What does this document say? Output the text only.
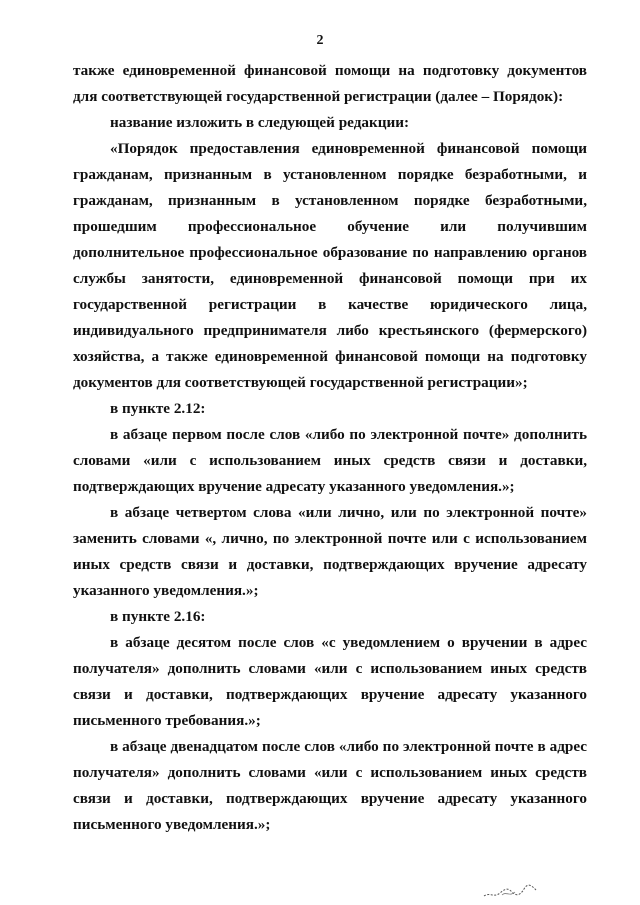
2

также единовременной финансовой помощи на подготовку документов для соответствующей государственной регистрации (далее – Порядок):

название изложить в следующей редакции:

«Порядок предоставления единовременной финансовой помощи гражданам, признанным в установленном порядке безработными, и гражданам, признанным в установленном порядке безработными, прошедшим профессиональное обучение или получившим дополнительное профессиональное образование по направлению органов службы занятости, единовременной финансовой помощи при их государственной регистрации в качестве юридического лица, индивидуального предпринимателя либо крестьянского (фермерского) хозяйства, а также единовременной финансовой помощи на подготовку документов для соответствующей государственной регистрации»;

в пункте 2.12:

в абзаце первом после слов «либо по электронной почте» дополнить словами «или с использованием иных средств связи и доставки, подтверждающих вручение адресату указанного уведомления.»;

в абзаце четвертом слова «или лично, или по электронной почте» заменить словами «, лично, по электронной почте или с использованием иных средств связи и доставки, подтверждающих вручение адресату указанного уведомления.»;

в пункте 2.16:

в абзаце десятом после слов «с уведомлением о вручении в адрес получателя» дополнить словами «или с использованием иных средств связи и доставки, подтверждающих вручение адресату указанного письменного требования.»;

в абзаце двенадцатом после слов «либо по электронной почте в адрес получателя» дополнить словами «или с использованием иных средств связи и доставки, подтверждающих вручение адресату указанного письменного уведомления.»;
